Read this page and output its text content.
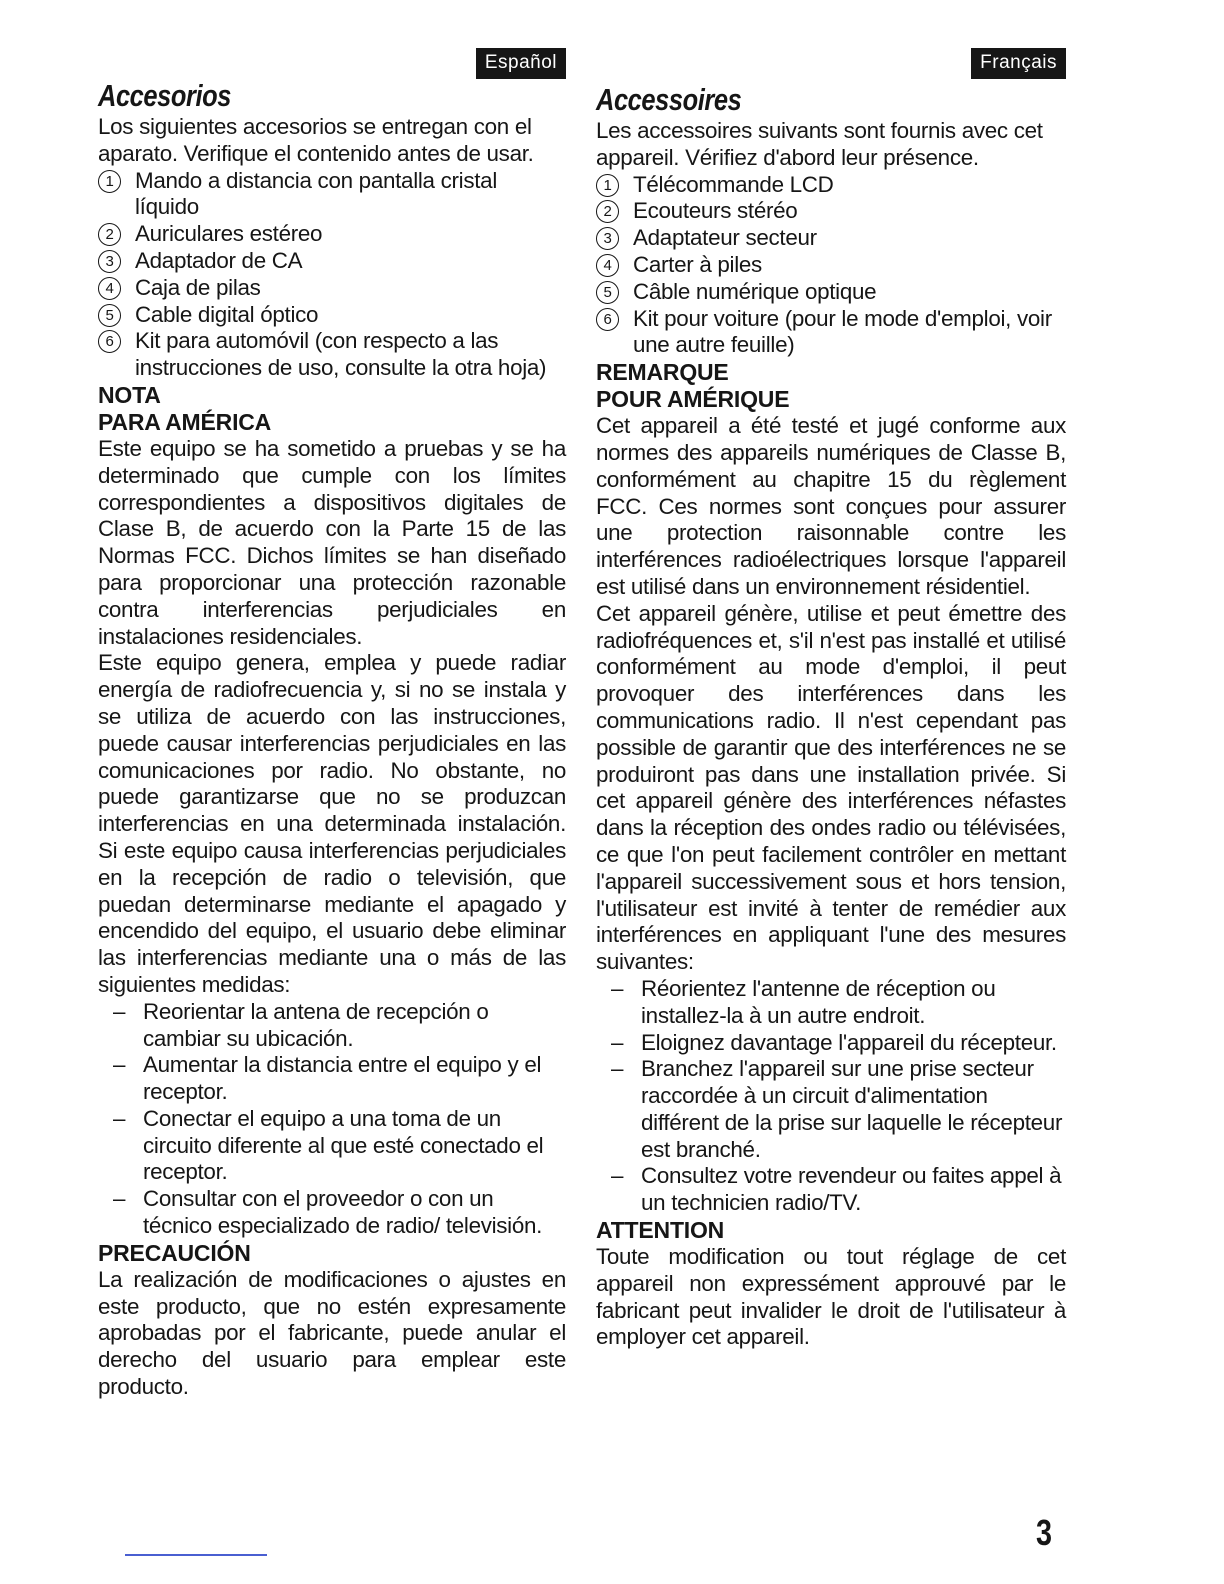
Español
Accesorios

Los siguientes accesorios se entregan con el aparato. Verifique el contenido antes de usar.

1 Mando a distancia con pantalla cristal líquido
2 Auriculares estéreo
3 Adaptador de CA
4 Caja de pilas
5 Cable digital óptico
6 Kit para automóvil (con respecto a las instrucciones de uso, consulte la otra hoja)
NOTA
PARA AMÉRICA

Este equipo se ha sometido a pruebas y se ha determinado que cumple con los límites correspondientes a dispositivos digitales de Clase B, de acuerdo con la Parte 15 de las Normas FCC. Dichos límites se han diseñado para proporcionar una protección razonable contra interferencias perjudiciales en instalaciones residenciales.

Este equipo genera, emplea y puede radiar energía de radiofrecuencia y, si no se instala y se utiliza de acuerdo con las instrucciones, puede causar interferencias perjudiciales en las comunicaciones por radio. No obstante, no puede garantizarse que no se produzcan interferencias en una determinada instalación. Si este equipo causa interferencias perjudiciales en la recepción de radio o televisión, que puedan determinarse mediante el apagado y encendido del equipo, el usuario debe eliminar las interferencias mediante una o más de las siguientes medidas:

– Reorientar la antena de recepción o cambiar su ubicación.
– Aumentar la distancia entre el equipo y el receptor.
– Conectar el equipo a una toma de un circuito diferente al que esté conectado el receptor.
– Consultar con el proveedor o con un técnico especializado de radio/ televisión.
PRECAUCIÓN

La realización de modificaciones o ajustes en este producto, que no estén expresamente aprobadas por el fabricante, puede anular el derecho del usuario para emplear este producto.

Français
Accessoires

Les accessoires suivants sont fournis avec cet appareil. Vérifiez d'abord leur présence.

1 Télécommande LCD
2 Ecouteurs stéréo
3 Adaptateur secteur
4 Carter à piles
5 Câble numérique optique
6 Kit pour voiture (pour le mode d'emploi, voir une autre feuille)
REMARQUE
POUR AMÉRIQUE

Cet appareil a été testé et jugé conforme aux normes des appareils numériques de Classe B, conformément au chapitre 15 du règlement FCC. Ces normes sont conçues pour assurer une protection raisonnable contre les interférences radioélectriques lorsque l'appareil est utilisé dans un environnement résidentiel.

Cet appareil génère, utilise et peut émettre des radiofréquences et, s'il n'est pas installé et utilisé conformément au mode d'emploi, il peut provoquer des interférences dans les communications radio. Il n'est cependant pas possible de garantir que des interférences ne se produiront pas dans une installation privée. Si cet appareil génère des interférences néfastes dans la réception des ondes radio ou télévisées, ce que l'on peut facilement contrôler en mettant l'appareil successivement sous et hors tension, l'utilisateur est invité à tenter de remédier aux interférences en appliquant l'une des mesures suivantes:

– Réorientez l'antenne de réception ou installez-la à un autre endroit.
– Eloignez davantage l'appareil du récepteur.
– Branchez l'appareil sur une prise secteur raccordée à un circuit d'alimentation différent de la prise sur laquelle le récepteur est branché.
– Consultez votre revendeur ou faites appel à un technicien radio/TV.
ATTENTION

Toute modification ou tout réglage de cet appareil non expressément approuvé par le fabricant peut invalider le droit de l'utilisateur à employer cet appareil.

3
